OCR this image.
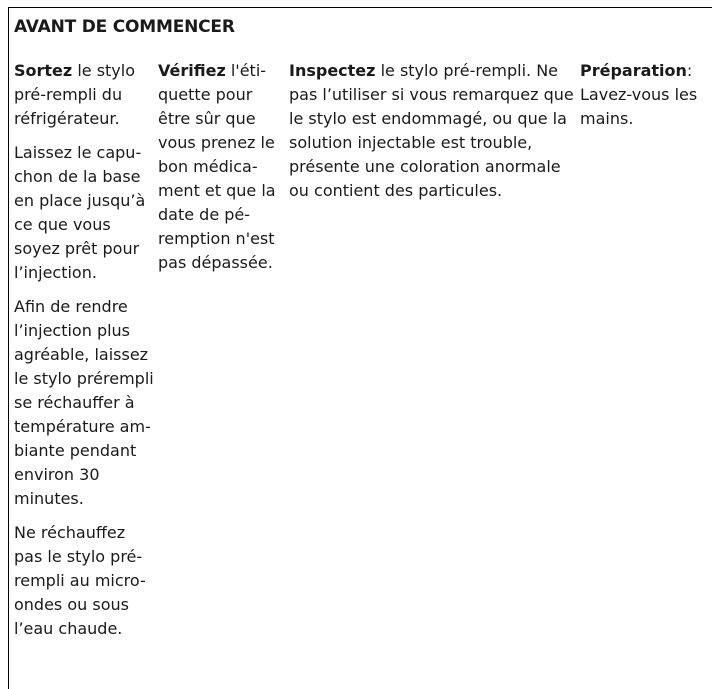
AVANT DE COMMENCER

Sortez le stylo pré‑rempli du réfrigérateur.

Laissez le capuchon de la base en place jusqu’à ce que vous soyez prêt pour l’injection.

Afin de rendre l’injection plus agréable, laissez le stylo prérempli se réchauffer à température ambiante pendant environ 30 minutes.

Ne réchauffez pas le stylo prérempli au micro-ondes ou sous l’eau chaude.

Vérifiez l'étiquette pour être sûr que vous prenez le bon médicament et que la date de péremption n'est pas dépassée.

Inspectez le stylo pré-rempli. Ne pas l’utiliser si vous remarquez que le stylo est endommagé, ou que la solution injectable est trouble, présente une coloration anormale ou contient des particules.

Préparation: Lavez-vous les mains.
